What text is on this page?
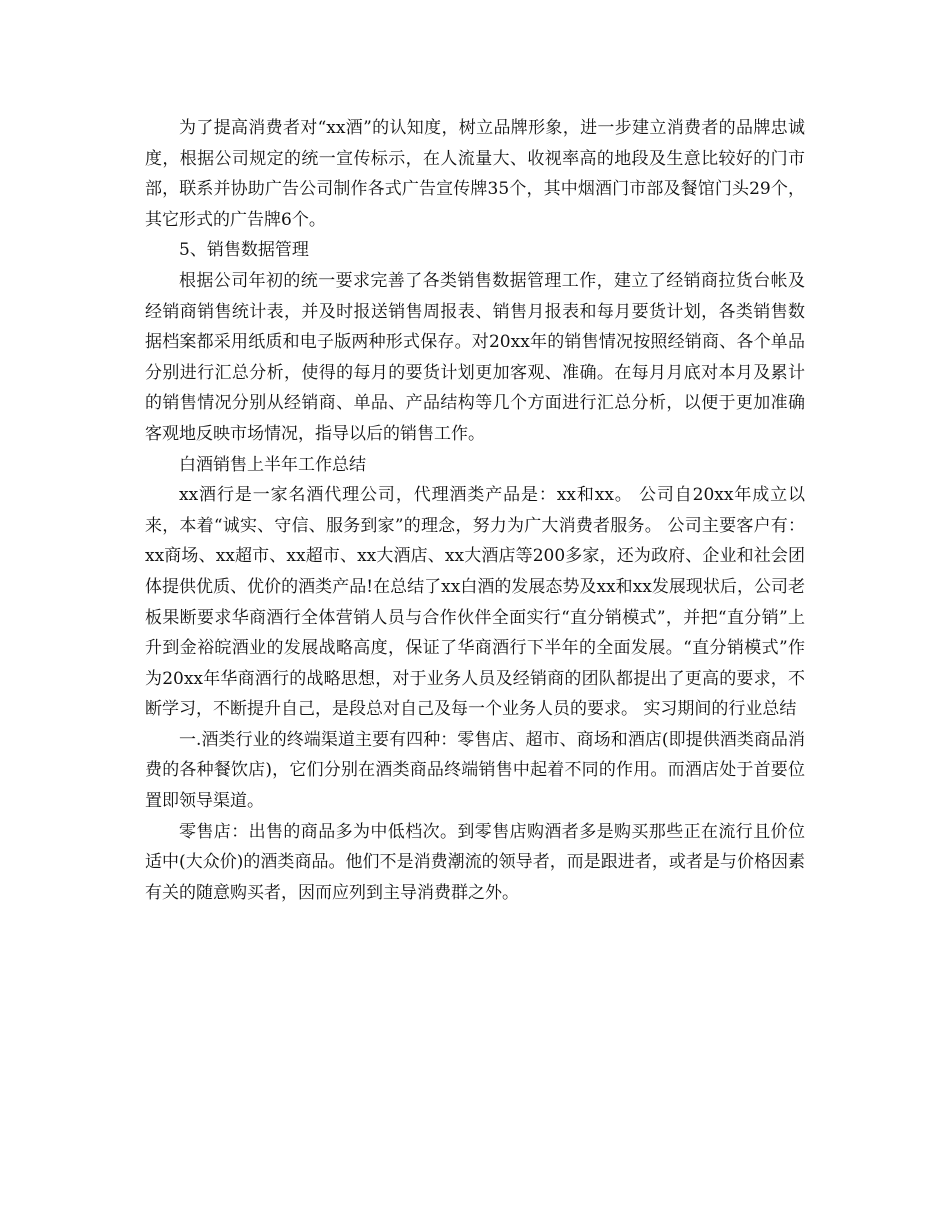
为了提高消费者对“xx酒”的认知度，树立品牌形象，进一步建立消费者的品牌忠诚度，根据公司规定的统一宣传标示，在人流量大、收视率高的地段及生意比较好的门市部，联系并协助广告公司制作各式广告宣传牌35个，其中烟酒门市部及餐馆门头29个，其它形式的广告牌6个。

5、销售数据管理

根据公司年初的统一要求完善了各类销售数据管理工作，建立了经销商拉货台帐及经销商销售统计表，并及时报送销售周报表、销售月报表和每月要货计划，各类销售数据档案都采用纸质和电子版两种形式保存。对20xx年的销售情况按照经销商、各个单品分别进行汇总分析，使得的每月的要货计划更加客观、准确。在每月月底对本月及累计的销售情况分别从经销商、单品、产品结构等几个方面进行汇总分析，以便于更加准确客观地反映市场情况，指导以后的销售工作。

白酒销售上半年工作总结

xx酒行是一家名酒代理公司，代理酒类产品是：xx和xx。 公司自20xx年成立以来，本着“诚实、守信、服务到家”的理念，努力为广大消费者服务。 公司主要客户有：xx商场、xx超市、xx超市、xx大酒店、xx大酒店等200多家，还为政府、企业和社会团体提供优质、优价的酒类产品!在总结了xx白酒的发展态势及xx和xx发展现状后，公司老板果断要求华商酒行全体营销人员与合作伙伴全面实行“直分销模式”，并把“直分销”上升到金裕皖酒业的发展战略高度，保证了华商酒行下半年的全面发展。“直分销模式”作为20xx年华商酒行的战略思想，对于业务人员及经销商的团队都提出了更高的要求，不断学习，不断提升自己，是段总对自己及每一个业务人员的要求。 实习期间的行业总结

一.酒类行业的终端渠道主要有四种：零售店、超市、商场和酒店(即提供酒类商品消费的各种餐饮店)，它们分别在酒类商品终端销售中起着不同的作用。而酒店处于首要位置即领导渠道。

零售店：出售的商品多为中低档次。到零售店购酒者多是购买那些正在流行且价位适中(大众价)的酒类商品。他们不是消费潮流的领导者，而是跟进者，或者是与价格因素有关的随意购买者，因而应列到主导消费群之外。
